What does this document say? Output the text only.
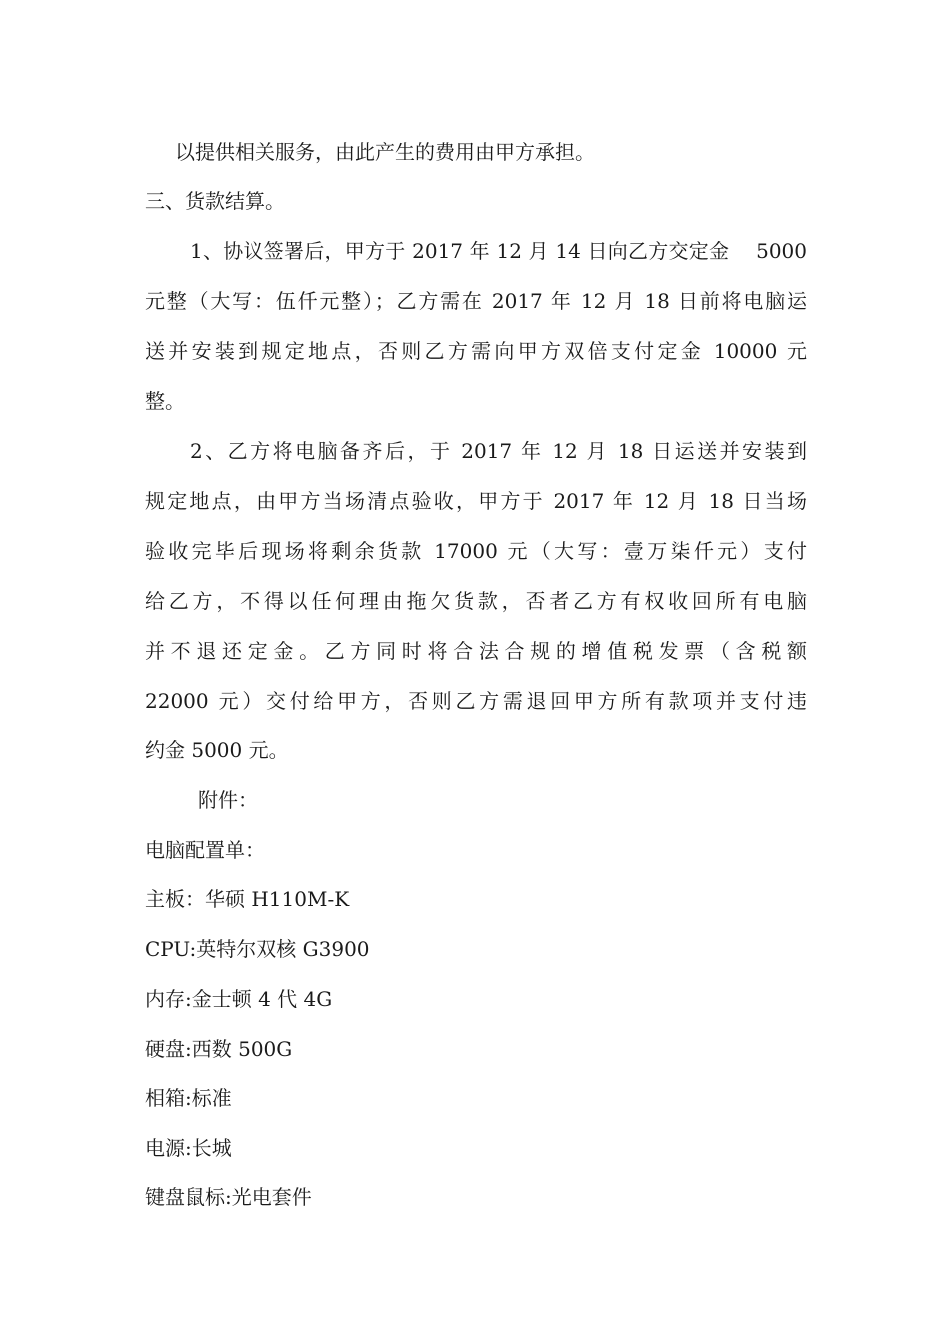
以提供相关服务，由此产生的费用由甲方承担。
三、货款结算。
1、协议签署后，甲方于 2017 年 12 月 14 日向乙方交定金　 5000
元整（大写：伍仟元整）；乙方需在 2017 年 12 月 18 日前将电脑运
送并安装到规定地点，否则乙方需向甲方双倍支付定金 10000 元
整。
2、乙方将电脑备齐后，于 2017 年 12 月 18 日运送并安装到
规定地点，由甲方当场清点验收，甲方于 2017 年 12 月 18 日当场
验收完毕后现场将剩余货款 17000 元（大写：壹万柒仟元）支付
给乙方，不得以任何理由拖欠货款，否者乙方有权收回所有电脑
并不退还定金。乙方同时将合法合规的增值税发票（含税额
22000 元）交付给甲方，否则乙方需退回甲方所有款项并支付违
约金 5000 元。
附件：
电脑配置单：
主板：华硕 H110M-K
CPU:英特尔双核 G3900
内存:金士顿 4 代 4G
硬盘:西数 500G
相箱:标准
电源:长城
键盘鼠标:光电套件
